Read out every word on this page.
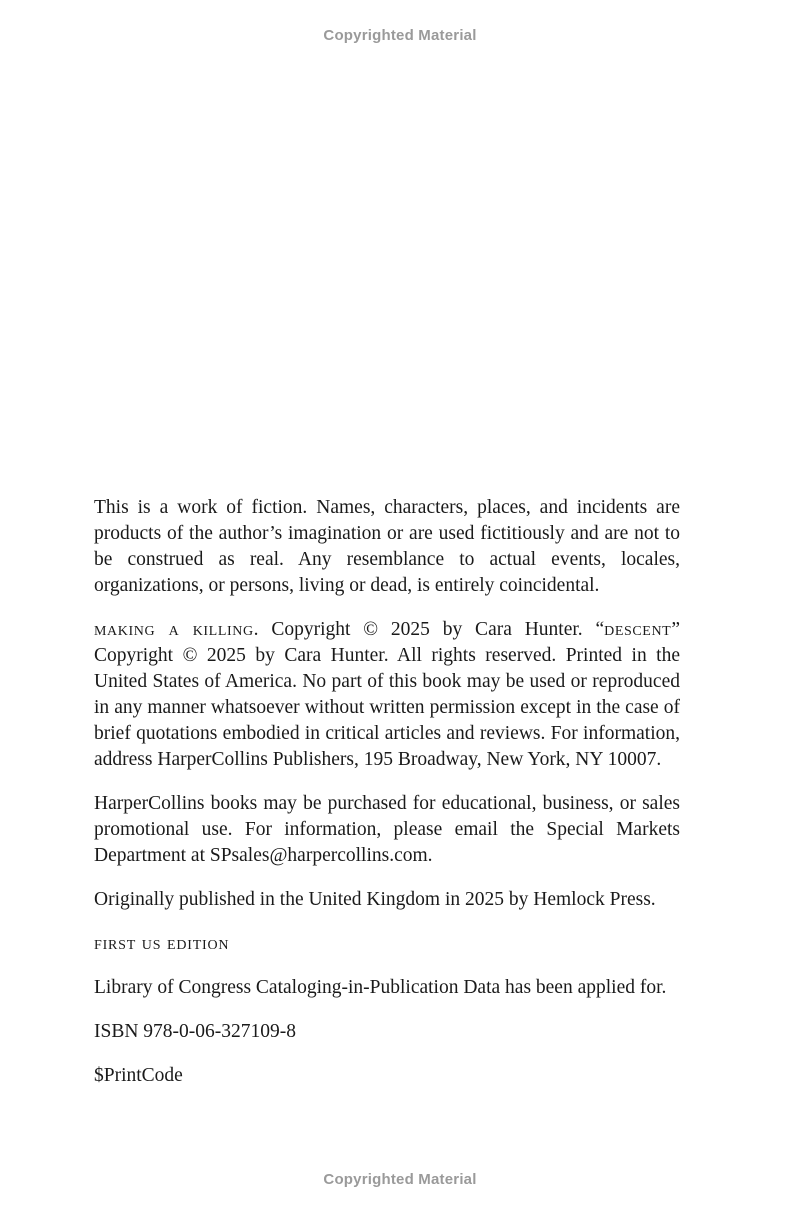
Copyrighted Material

This is a work of fiction. Names, characters, places, and incidents are products of the author’s imagination or are used fictitiously and are not to be construed as real. Any resemblance to actual events, locales, organizations, or persons, living or dead, is entirely coincidental.

making a killing. Copyright © 2025 by Cara Hunter. “descent” Copyright © 2025 by Cara Hunter. All rights reserved. Printed in the United States of America. No part of this book may be used or reproduced in any manner whatsoever without written permission except in the case of brief quotations embodied in critical articles and reviews. For information, address HarperCollins Publishers, 195 Broadway, New York, NY 10007.

HarperCollins books may be purchased for educational, business, or sales promotional use. For information, please email the Special Markets Department at SPsales@harpercollins.com.

Originally published in the United Kingdom in 2025 by Hemlock Press.

first us edition

Library of Congress Cataloging-in-Publication Data has been applied for.

ISBN 978-0-06-327109-8

$PrintCode

Copyrighted Material
